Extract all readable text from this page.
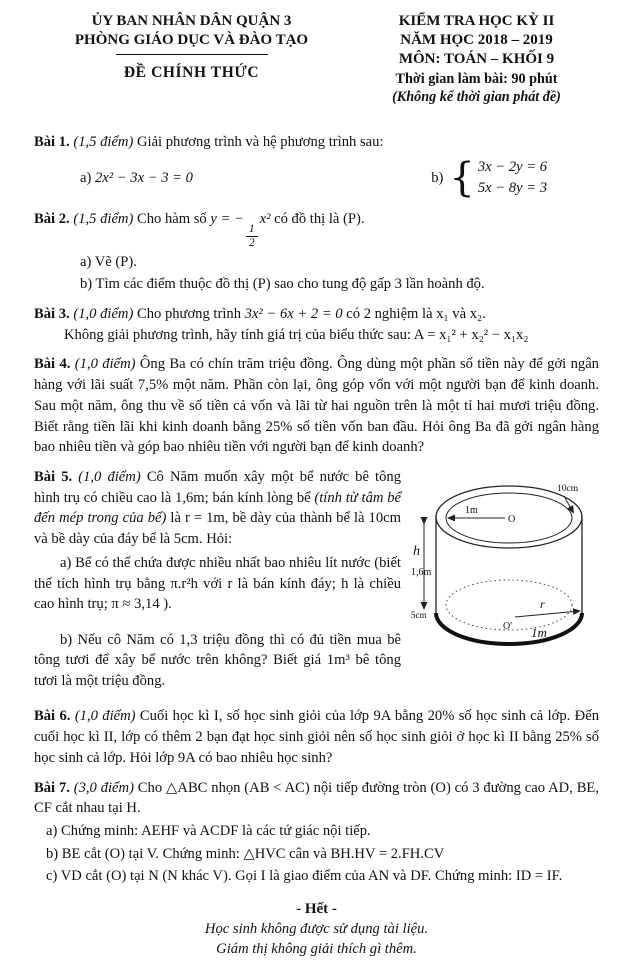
ỦY BAN NHÂN DÂN QUẬN 3
PHÒNG GIÁO DỤC VÀ ĐÀO TẠO
ĐỀ CHÍNH THỨC
KIỂM TRA HỌC KỲ II
NĂM HỌC 2018 – 2019
MÔN: TOÁN – KHỐI 9
Thời gian làm bài: 90 phút
(Không kể thời gian phát đề)

Bài 1. (1,5 điểm) Giải phương trình và hệ phương trình sau:

a) 2x² − 3x − 3 = 0	b) { 3x − 2y = 6
5x − 8y = 3

Bài 2. (1,5 điểm) Cho hàm số y = −
$\frac{1}{2}$
x² có đồ thị là (P).

a) Vẽ (P).
b) Tìm các điểm thuộc đồ thị (P) sao cho tung độ gấp 3 lần hoành độ.

Bài 3. (1,0 điểm) Cho phương trình 3x² − 6x + 2 = 0 có 2 nghiệm là x₁ và x₂.

Không giải phương trình, hãy tính giá trị của biểu thức sau: A = x₁² + x₂² − x₁x₂

Bài 4. (1,0 điểm) Ông Ba có chín trăm triệu đồng. Ông dùng một phần số tiền này để gởi ngân hàng với lãi suất 7,5% một năm. Phần còn lại, ông góp vốn với một người bạn để kinh doanh. Sau một năm, ông thu về số tiền cả vốn và lãi từ hai nguồn trên là một tỉ hai mươi triệu đồng. Biết rằng tiền lãi khi kinh doanh bằng 25% số tiền vốn ban đầu. Hỏi ông Ba đã gởi ngân hàng bao nhiêu tiền và góp bao nhiêu tiền với người bạn để kinh doanh?

h
1,6m
5cm
1m
O
10cm
r
O' 1m

Bài 5. (1,0 điểm) Cô Năm muốn xây một bể nước bê tông hình trụ có chiều cao là 1,6m; bán kính lòng bể (tính từ tâm bể đến mép trong của bể) là r = 1m, bề dày của thành bể là 10cm và bề dày của đáy bể là 5cm. Hỏi:

a) Bể có thể chứa được nhiều nhất bao nhiêu lít nước (biết thể tích hình trụ bằng π.r²h với r là bán kính đáy; h là chiều cao hình trụ; π ≈ 3,14 ).

b) Nếu cô Năm có 1,3 triệu đồng thì có đủ tiền mua bê tông tươi để xây bể nước trên không? Biết giá 1m³ bê tông tươi là một triệu đồng.

Bài 6. (1,0 điểm) Cuối học kì I, số học sinh giỏi của lớp 9A bằng 20% số học sinh cả lớp. Đến cuối học kì II, lớp có thêm 2 bạn đạt học sinh giỏi nên số học sinh giỏi ở học kì II bằng 25% số học sinh cả lớp. Hỏi lớp 9A có bao nhiêu học sinh?

Bài 7. (3,0 điểm) Cho △ABC nhọn (AB < AC) nội tiếp đường tròn (O) có 3 đường cao AD, BE, CF cắt nhau tại H.

a) Chứng minh: AEHF và ACDF là các tứ giác nội tiếp.

b) BE cắt (O) tại V. Chứng minh: △HVC cân và BH.HV = 2.FH.CV

c) VD cắt (O) tại N (N khác V). Gọi I là giao điểm của AN và DF. Chứng minh: ID = IF.

- Hết -
Học sinh không được sử dụng tài liệu.
Giám thị không giải thích gì thêm.
